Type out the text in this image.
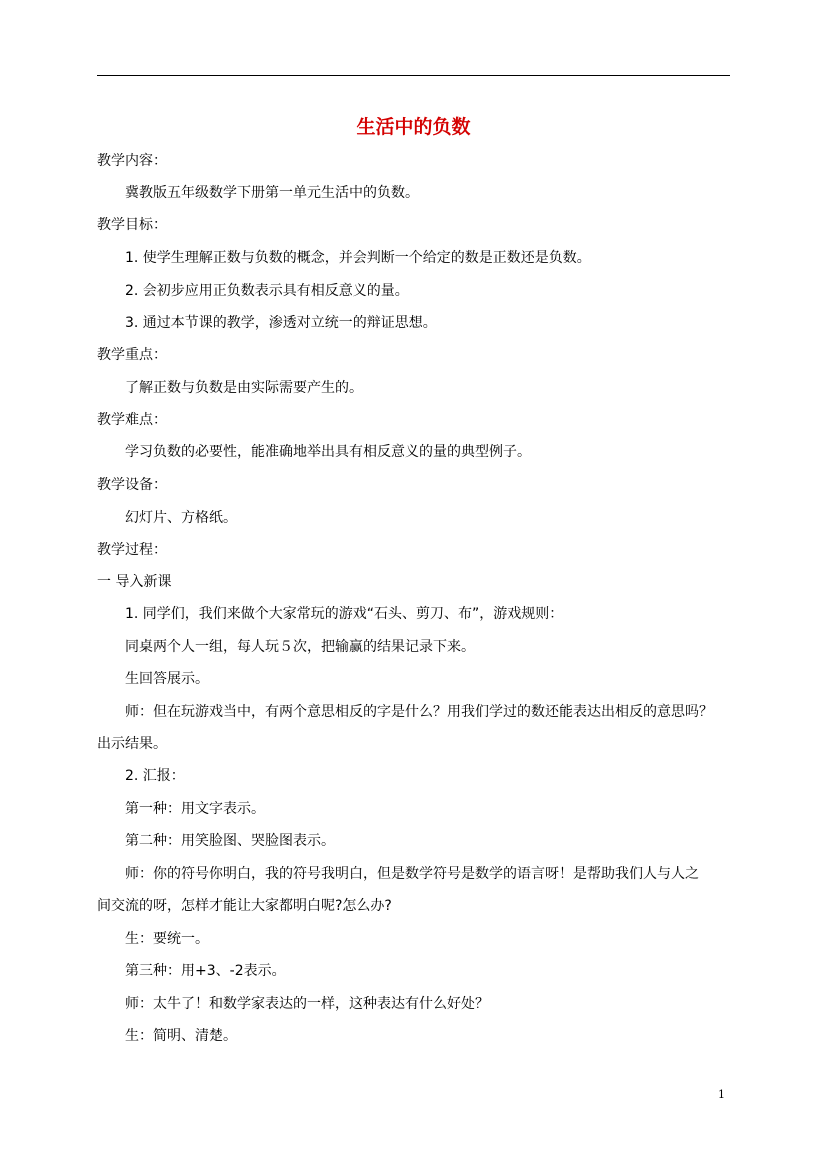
生活中的负数
教学内容：
冀教版五年级数学下册第一单元生活中的负数。
教学目标：
1. 使学生理解正数与负数的概念，并会判断一个给定的数是正数还是负数。
2. 会初步应用正负数表示具有相反意义的量。
3. 通过本节课的教学，渗透对立统一的辩证思想。
教学重点：
了解正数与负数是由实际需要产生的。
教学难点：
学习负数的必要性，能准确地举出具有相反意义的量的典型例子。
教学设备：
幻灯片、方格纸。
教学过程：
一 导入新课
1. 同学们，我们来做个大家常玩的游戏“石头、剪刀、布”，游戏规则：
同桌两个人一组，每人玩５次，把输赢的结果记录下来。
生回答展示。
师：但在玩游戏当中，有两个意思相反的字是什么？用我们学过的数还能表达出相反的意思吗？
出示结果。
2. 汇报：
第一种：用文字表示。
第二种：用笑脸图、哭脸图表示。
师：你的符号你明白，我的符号我明白，但是数学符号是数学的语言呀！是帮助我们人与人之
间交流的呀，怎样才能让大家都明白呢?怎么办?
生：要统一。
第三种：用+3、-2表示。
师：太牛了！和数学家表达的一样，这种表达有什么好处？
生：简明、清楚。
1
